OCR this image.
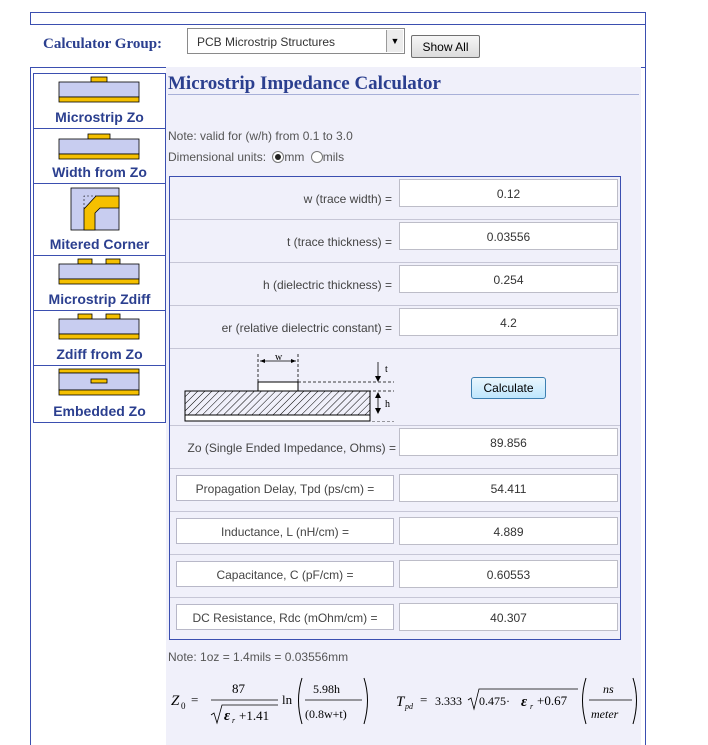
Calculator Group:	PCB Microstrip Structures	▼	Show All
Microstrip Zo
Width from Zo
Mitered Corner
Microstrip Zdiff
Zdiff from Zo
Embedded Zo
Microstrip Impedance Calculator
Note: valid for (w/h) from 0.1 to 3.0
Dimensional units: mm mils
w (trace width) =	0.12
t (trace thickness) =	0.03556
h (dielectric thickness) =	0.254
er (relative dielectric constant) =	4.2
w
t
h
Calculate
Zo (Single Ended Impedance, Ohms) =	89.856
Propagation Delay, Tpd (ps/cm) =	54.411
Inductance, L (nH/cm) =	4.889
Capacitance, C (pF/cm) =	0.60553
DC Resistance, Rdc (mOhm/cm) =	40.307
Note: 1oz = 1.4mils = 0.03556mm
Z 0 =
87
ε r +1.41
ln
5.98h
(0.8w+t)
T pd = 3.333 0.475· ε r +0.67
ns
meter
